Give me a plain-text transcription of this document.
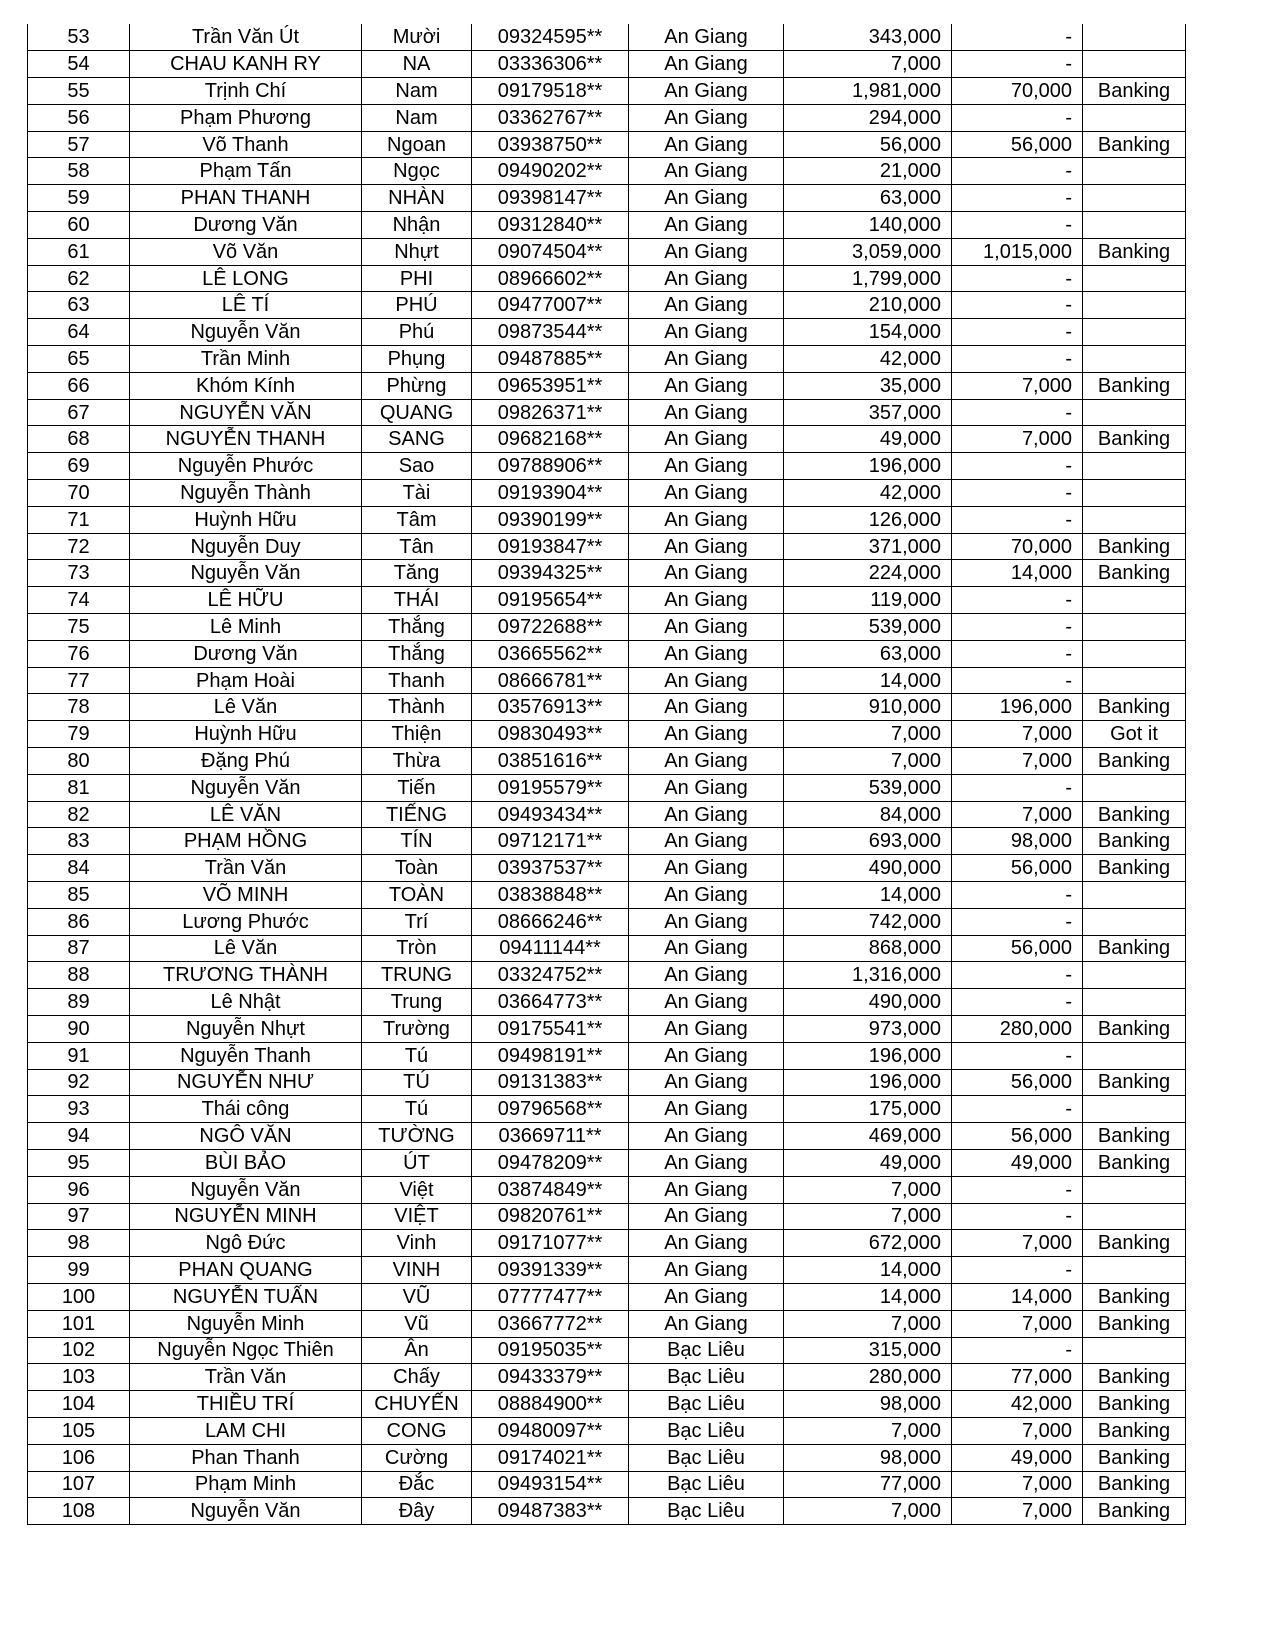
53	Trần Văn Út	Mười	09324595**	An Giang	343,000	-	
54	CHAU KANH RY	NA	03336306**	An Giang	7,000	-	
55	Trịnh Chí	Nam	09179518**	An Giang	1,981,000	70,000	Banking
56	Phạm Phương	Nam	03362767**	An Giang	294,000	-	
57	Võ Thanh	Ngoan	03938750**	An Giang	56,000	56,000	Banking
58	Phạm Tấn	Ngọc	09490202**	An Giang	21,000	-	
59	PHAN THANH	NHÀN	09398147**	An Giang	63,000	-	
60	Dương Văn	Nhận	09312840**	An Giang	140,000	-	
61	Võ Văn	Nhựt	09074504**	An Giang	3,059,000	1,015,000	Banking
62	LÊ LONG	PHI	08966602**	An Giang	1,799,000	-	
63	LÊ TÍ	PHÚ	09477007**	An Giang	210,000	-	
64	Nguyễn Văn	Phú	09873544**	An Giang	154,000	-	
65	Trần Minh	Phụng	09487885**	An Giang	42,000	-	
66	Khóm Kính	Phừng	09653951**	An Giang	35,000	7,000	Banking
67	NGUYỄN VĂN	QUANG	09826371**	An Giang	357,000	-	
68	NGUYỄN THANH	SANG	09682168**	An Giang	49,000	7,000	Banking
69	Nguyễn Phước	Sao	09788906**	An Giang	196,000	-	
70	Nguyễn Thành	Tài	09193904**	An Giang	42,000	-	
71	Huỳnh Hữu	Tâm	09390199**	An Giang	126,000	-	
72	Nguyễn Duy	Tân	09193847**	An Giang	371,000	70,000	Banking
73	Nguyễn Văn	Tăng	09394325**	An Giang	224,000	14,000	Banking
74	LÊ HỮU	THÁI	09195654**	An Giang	119,000	-	
75	Lê Minh	Thắng	09722688**	An Giang	539,000	-	
76	Dương Văn	Thắng	03665562**	An Giang	63,000	-	
77	Phạm Hoài	Thanh	08666781**	An Giang	14,000	-	
78	Lê Văn	Thành	03576913**	An Giang	910,000	196,000	Banking
79	Huỳnh Hữu	Thiện	09830493**	An Giang	7,000	7,000	Got it
80	Đặng Phú	Thừa	03851616**	An Giang	7,000	7,000	Banking
81	Nguyễn Văn	Tiến	09195579**	An Giang	539,000	-	
82	LÊ VĂN	TIẾNG	09493434**	An Giang	84,000	7,000	Banking
83	PHẠM HỒNG	TÍN	09712171**	An Giang	693,000	98,000	Banking
84	Trần Văn	Toàn	03937537**	An Giang	490,000	56,000	Banking
85	VÕ MINH	TOÀN	03838848**	An Giang	14,000	-	
86	Lương Phước	Trí	08666246**	An Giang	742,000	-	
87	Lê Văn	Tròn	09411144**	An Giang	868,000	56,000	Banking
88	TRƯƠNG THÀNH	TRUNG	03324752**	An Giang	1,316,000	-	
89	Lê Nhật	Trung	03664773**	An Giang	490,000	-	
90	Nguyễn Nhựt	Trường	09175541**	An Giang	973,000	280,000	Banking
91	Nguyễn Thanh	Tú	09498191**	An Giang	196,000	-	
92	NGUYỄN NHƯ	TÚ	09131383**	An Giang	196,000	56,000	Banking
93	Thái công	Tú	09796568**	An Giang	175,000	-	
94	NGÔ VĂN	TƯỜNG	03669711**	An Giang	469,000	56,000	Banking
95	BÙI BẢO	ÚT	09478209**	An Giang	49,000	49,000	Banking
96	Nguyễn Văn	Việt	03874849**	An Giang	7,000	-	
97	NGUYỄN MINH	VIỆT	09820761**	An Giang	7,000	-	
98	Ngô Đức	Vinh	09171077**	An Giang	672,000	7,000	Banking
99	PHAN QUANG	VINH	09391339**	An Giang	14,000	-	
100	NGUYỄN TUẤN	VŨ	07777477**	An Giang	14,000	14,000	Banking
101	Nguyễn Minh	Vũ	03667772**	An Giang	7,000	7,000	Banking
102	Nguyễn Ngọc Thiên	Ân	09195035**	Bạc Liêu	315,000	-	
103	Trần Văn	Chấy	09433379**	Bạc Liêu	280,000	77,000	Banking
104	THIỀU TRÍ	CHUYẾN	08884900**	Bạc Liêu	98,000	42,000	Banking
105	LAM CHI	CONG	09480097**	Bạc Liêu	7,000	7,000	Banking
106	Phan Thanh	Cường	09174021**	Bạc Liêu	98,000	49,000	Banking
107	Phạm Minh	Đắc	09493154**	Bạc Liêu	77,000	7,000	Banking
108	Nguyễn Văn	Đây	09487383**	Bạc Liêu	7,000	7,000	Banking
